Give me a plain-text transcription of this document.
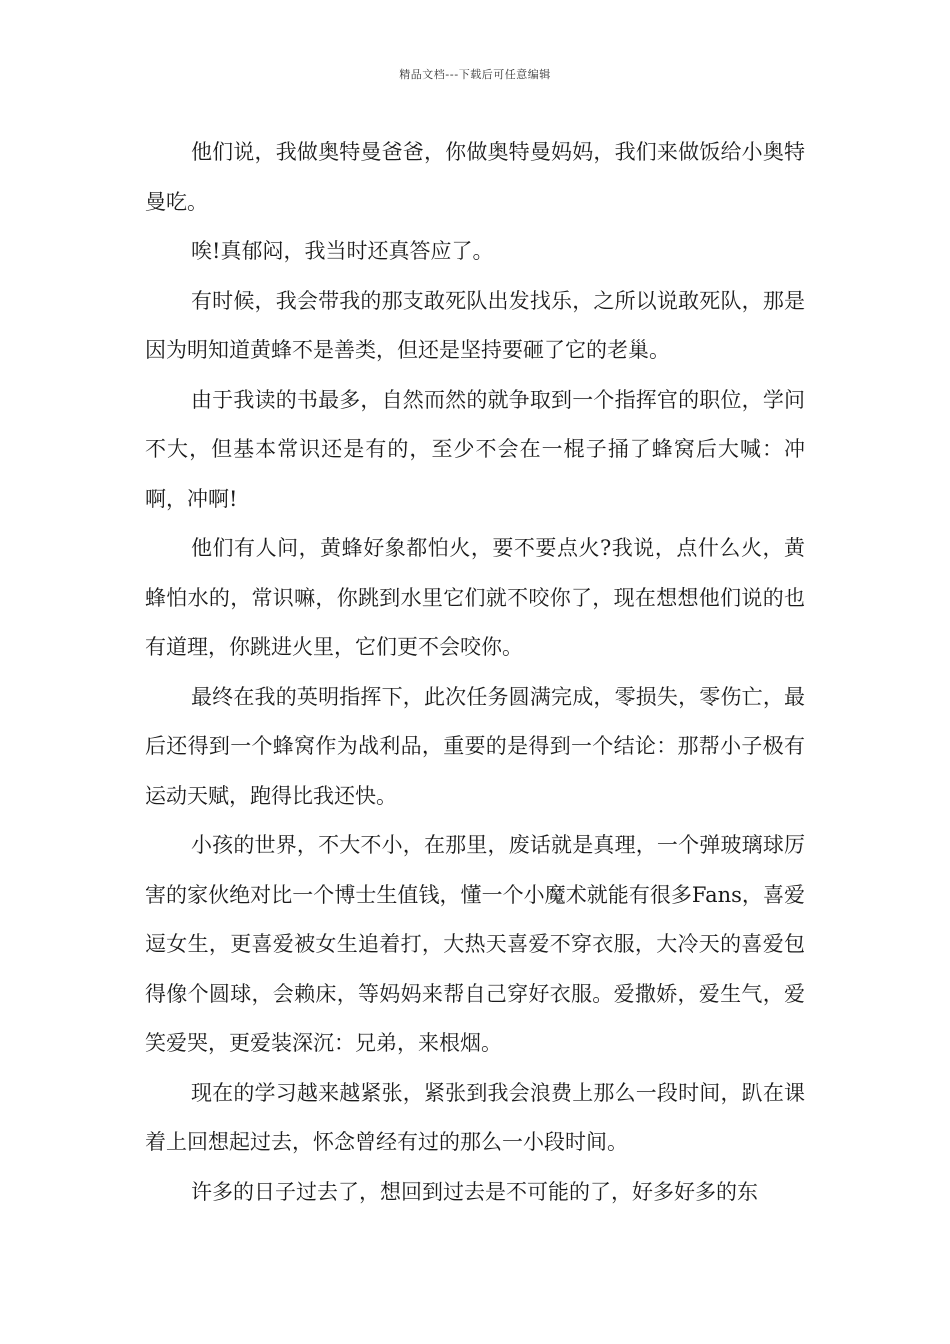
精品文档---下载后可任意编辑

他们说，我做奥特曼爸爸，你做奥特曼妈妈，我们来做饭给小奥特曼吃。

唉!真郁闷，我当时还真答应了。

有时候，我会带我的那支敢死队出发找乐，之所以说敢死队，那是因为明知道黄蜂不是善类，但还是坚持要砸了它的老巢。

由于我读的书最多，自然而然的就争取到一个指挥官的职位，学问不大，但基本常识还是有的，至少不会在一棍子捅了蜂窝后大喊：冲啊，冲啊!

他们有人问，黄蜂好象都怕火，要不要点火?我说，点什么火，黄蜂怕水的，常识嘛，你跳到水里它们就不咬你了，现在想想他们说的也有道理，你跳进火里，它们更不会咬你。

最终在我的英明指挥下，此次任务圆满完成，零损失，零伤亡，最后还得到一个蜂窝作为战利品，重要的是得到一个结论：那帮小子极有运动天赋，跑得比我还快。

小孩的世界，不大不小，在那里，废话就是真理，一个弹玻璃球厉害的家伙绝对比一个博士生值钱，懂一个小魔术就能有很多Fans，喜爱逗女生，更喜爱被女生追着打，大热天喜爱不穿衣服，大冷天的喜爱包得像个圆球，会赖床，等妈妈来帮自己穿好衣服。爱撒娇，爱生气，爱笑爱哭，更爱装深沉：兄弟，来根烟。

现在的学习越来越紧张，紧张到我会浪费上那么一段时间，趴在课着上回想起过去，怀念曾经有过的那么一小段时间。

许多的日子过去了，想回到过去是不可能的了，好多好多的东
